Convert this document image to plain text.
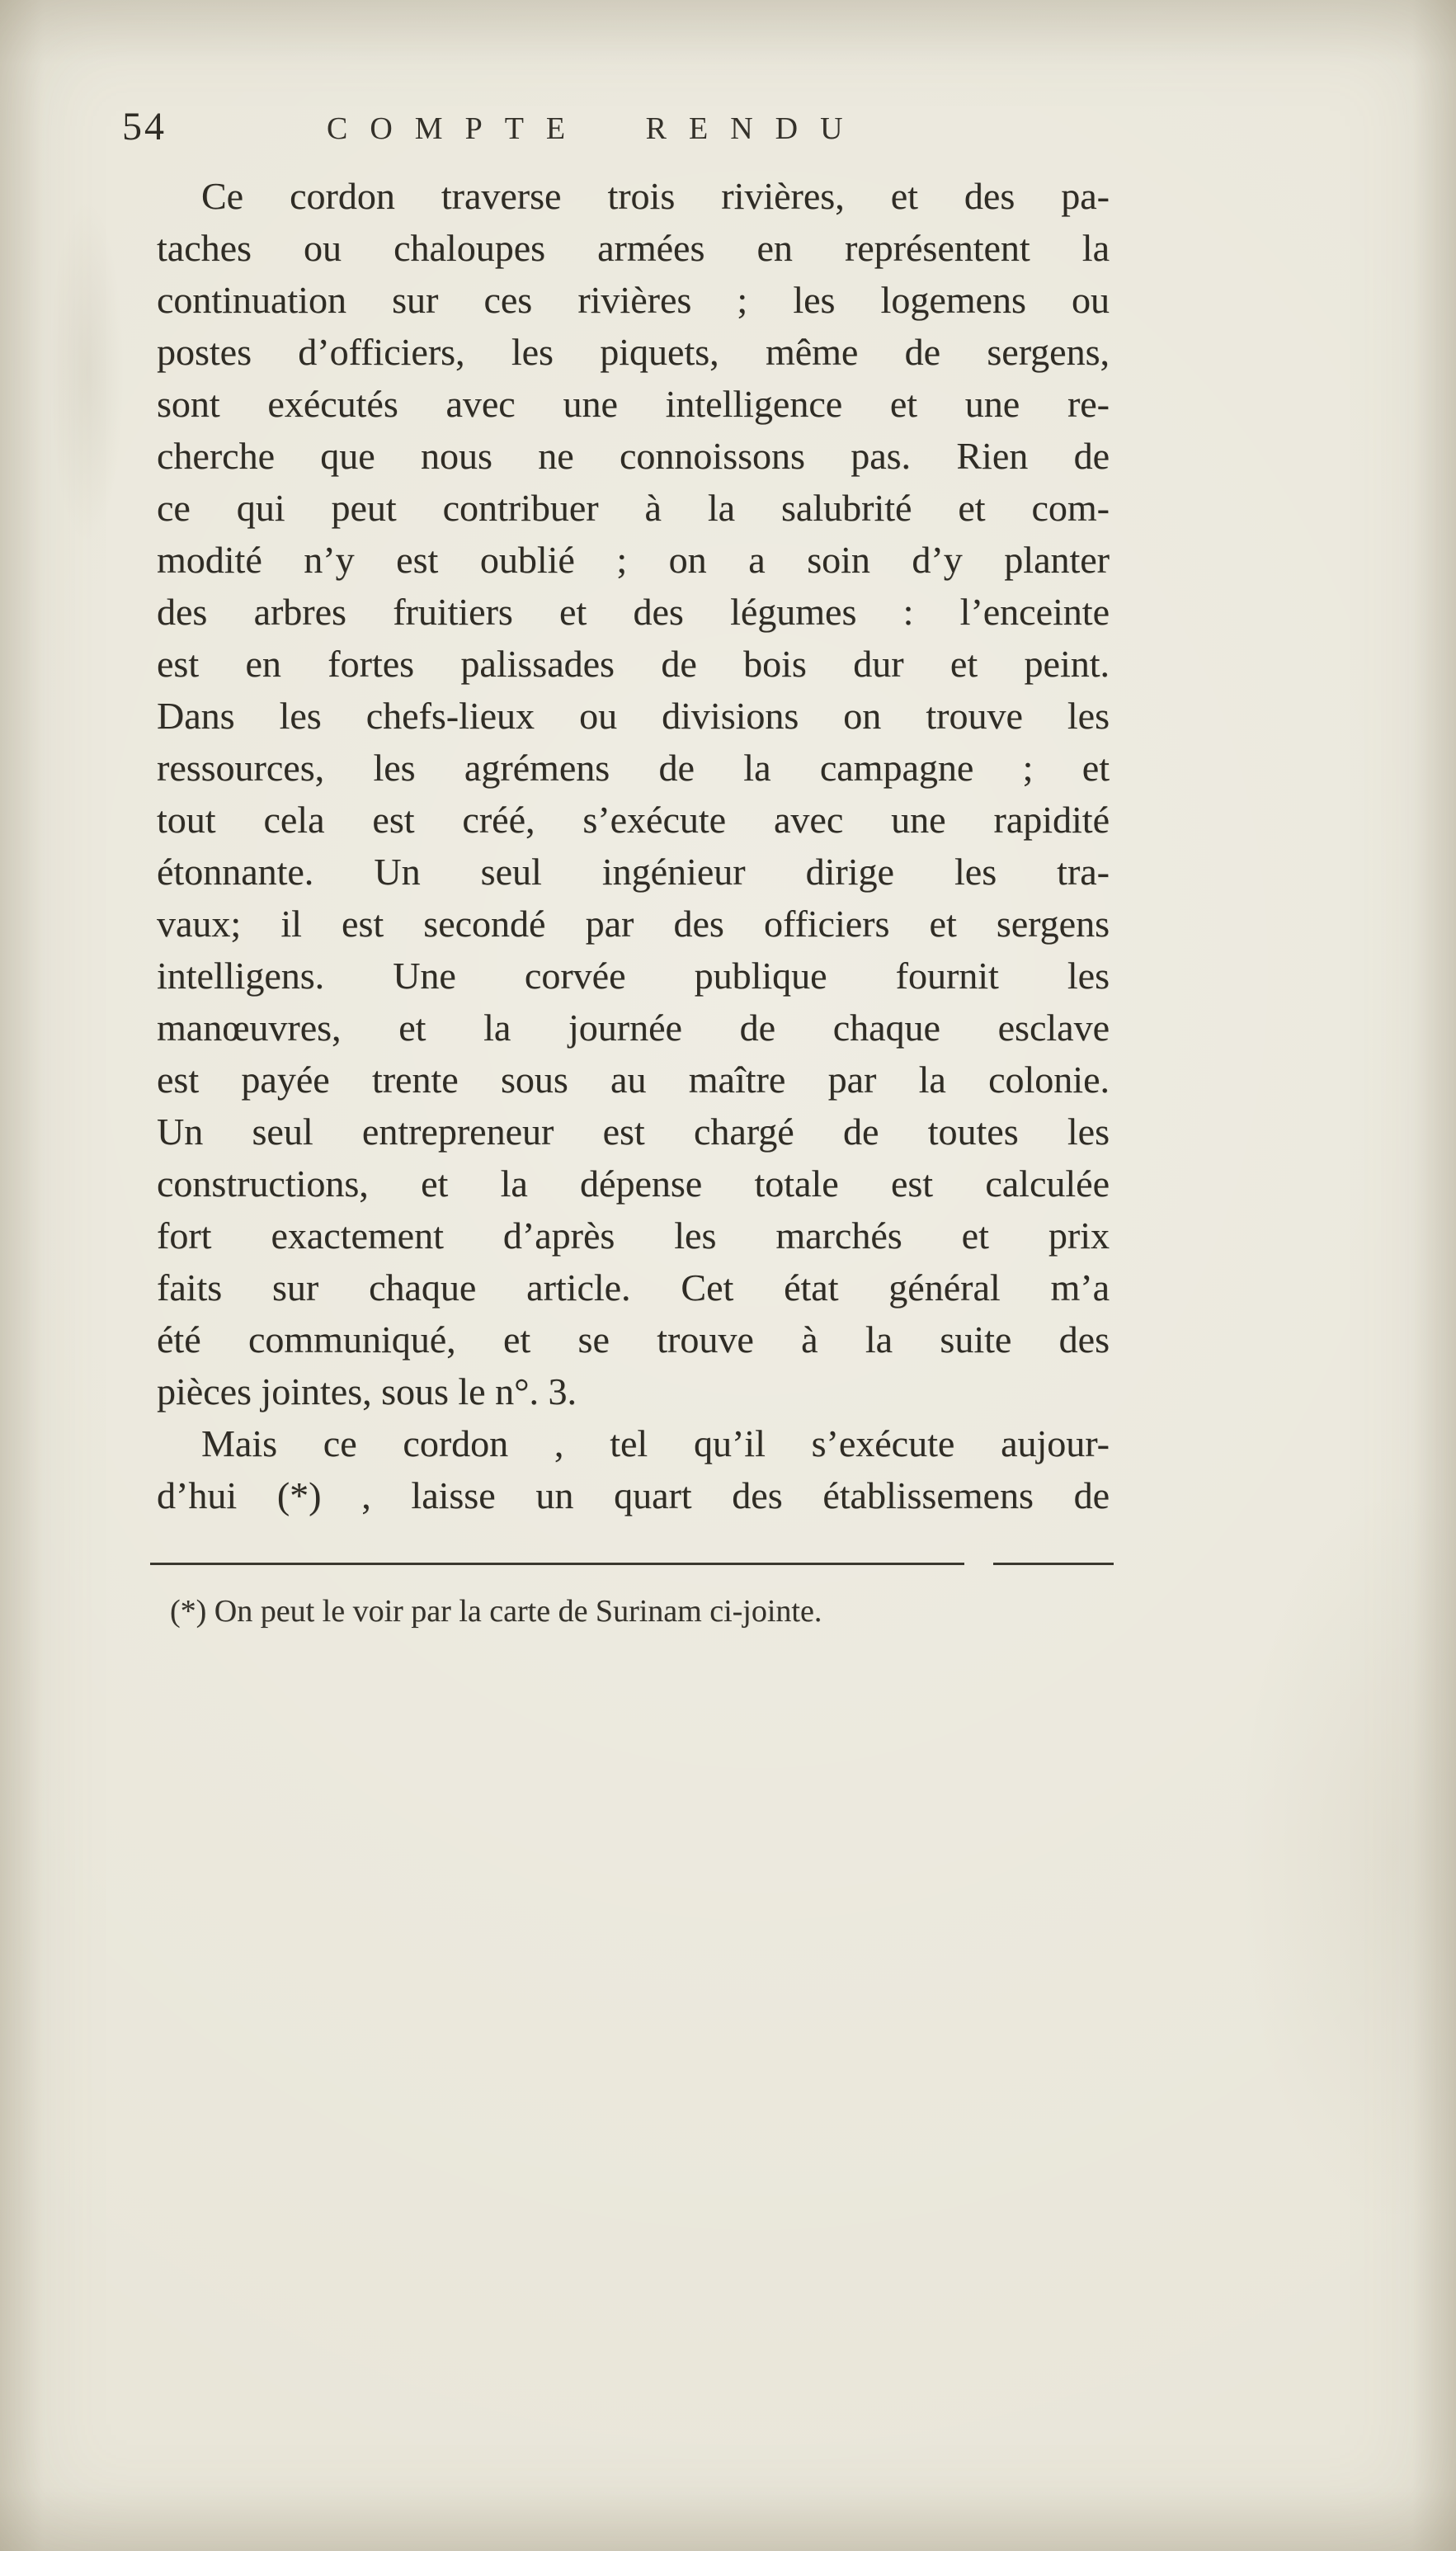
54	COMPTE RENDU
Ce cordon traverse trois rivières, et des pa-
taches ou chaloupes armées en représentent la
continuation sur ces rivières ; les logemens ou
postes d’officiers, les piquets, même de sergens,
sont exécutés avec une intelligence et une re-
cherche que nous ne connoissons pas. Rien de
ce qui peut contribuer à la salubrité et com-
modité n’y est oublié ; on a soin d’y planter
des arbres fruitiers et des légumes : l’enceinte
est en fortes palissades de bois dur et peint.
Dans les chefs-lieux ou divisions on trouve les
ressources, les agrémens de la campagne ; et
tout cela est créé, s’exécute avec une rapidité
étonnante. Un seul ingénieur dirige les tra-
vaux; il est secondé par des officiers et sergens
intelligens. Une corvée publique fournit les
manœuvres, et la journée de chaque esclave
est payée trente sous au maître par la colonie.
Un seul entrepreneur est chargé de toutes les
constructions, et la dépense totale est calculée
fort exactement d’après les marchés et prix
faits sur chaque article. Cet état général m’a
été communiqué, et se trouve à la suite des
pièces jointes, sous le n°. 3.
Mais ce cordon , tel qu’il s’exécute aujour-
d’hui (*) , laisse un quart des établissemens de
(*) On peut le voir par la carte de Surinam ci-jointe.
